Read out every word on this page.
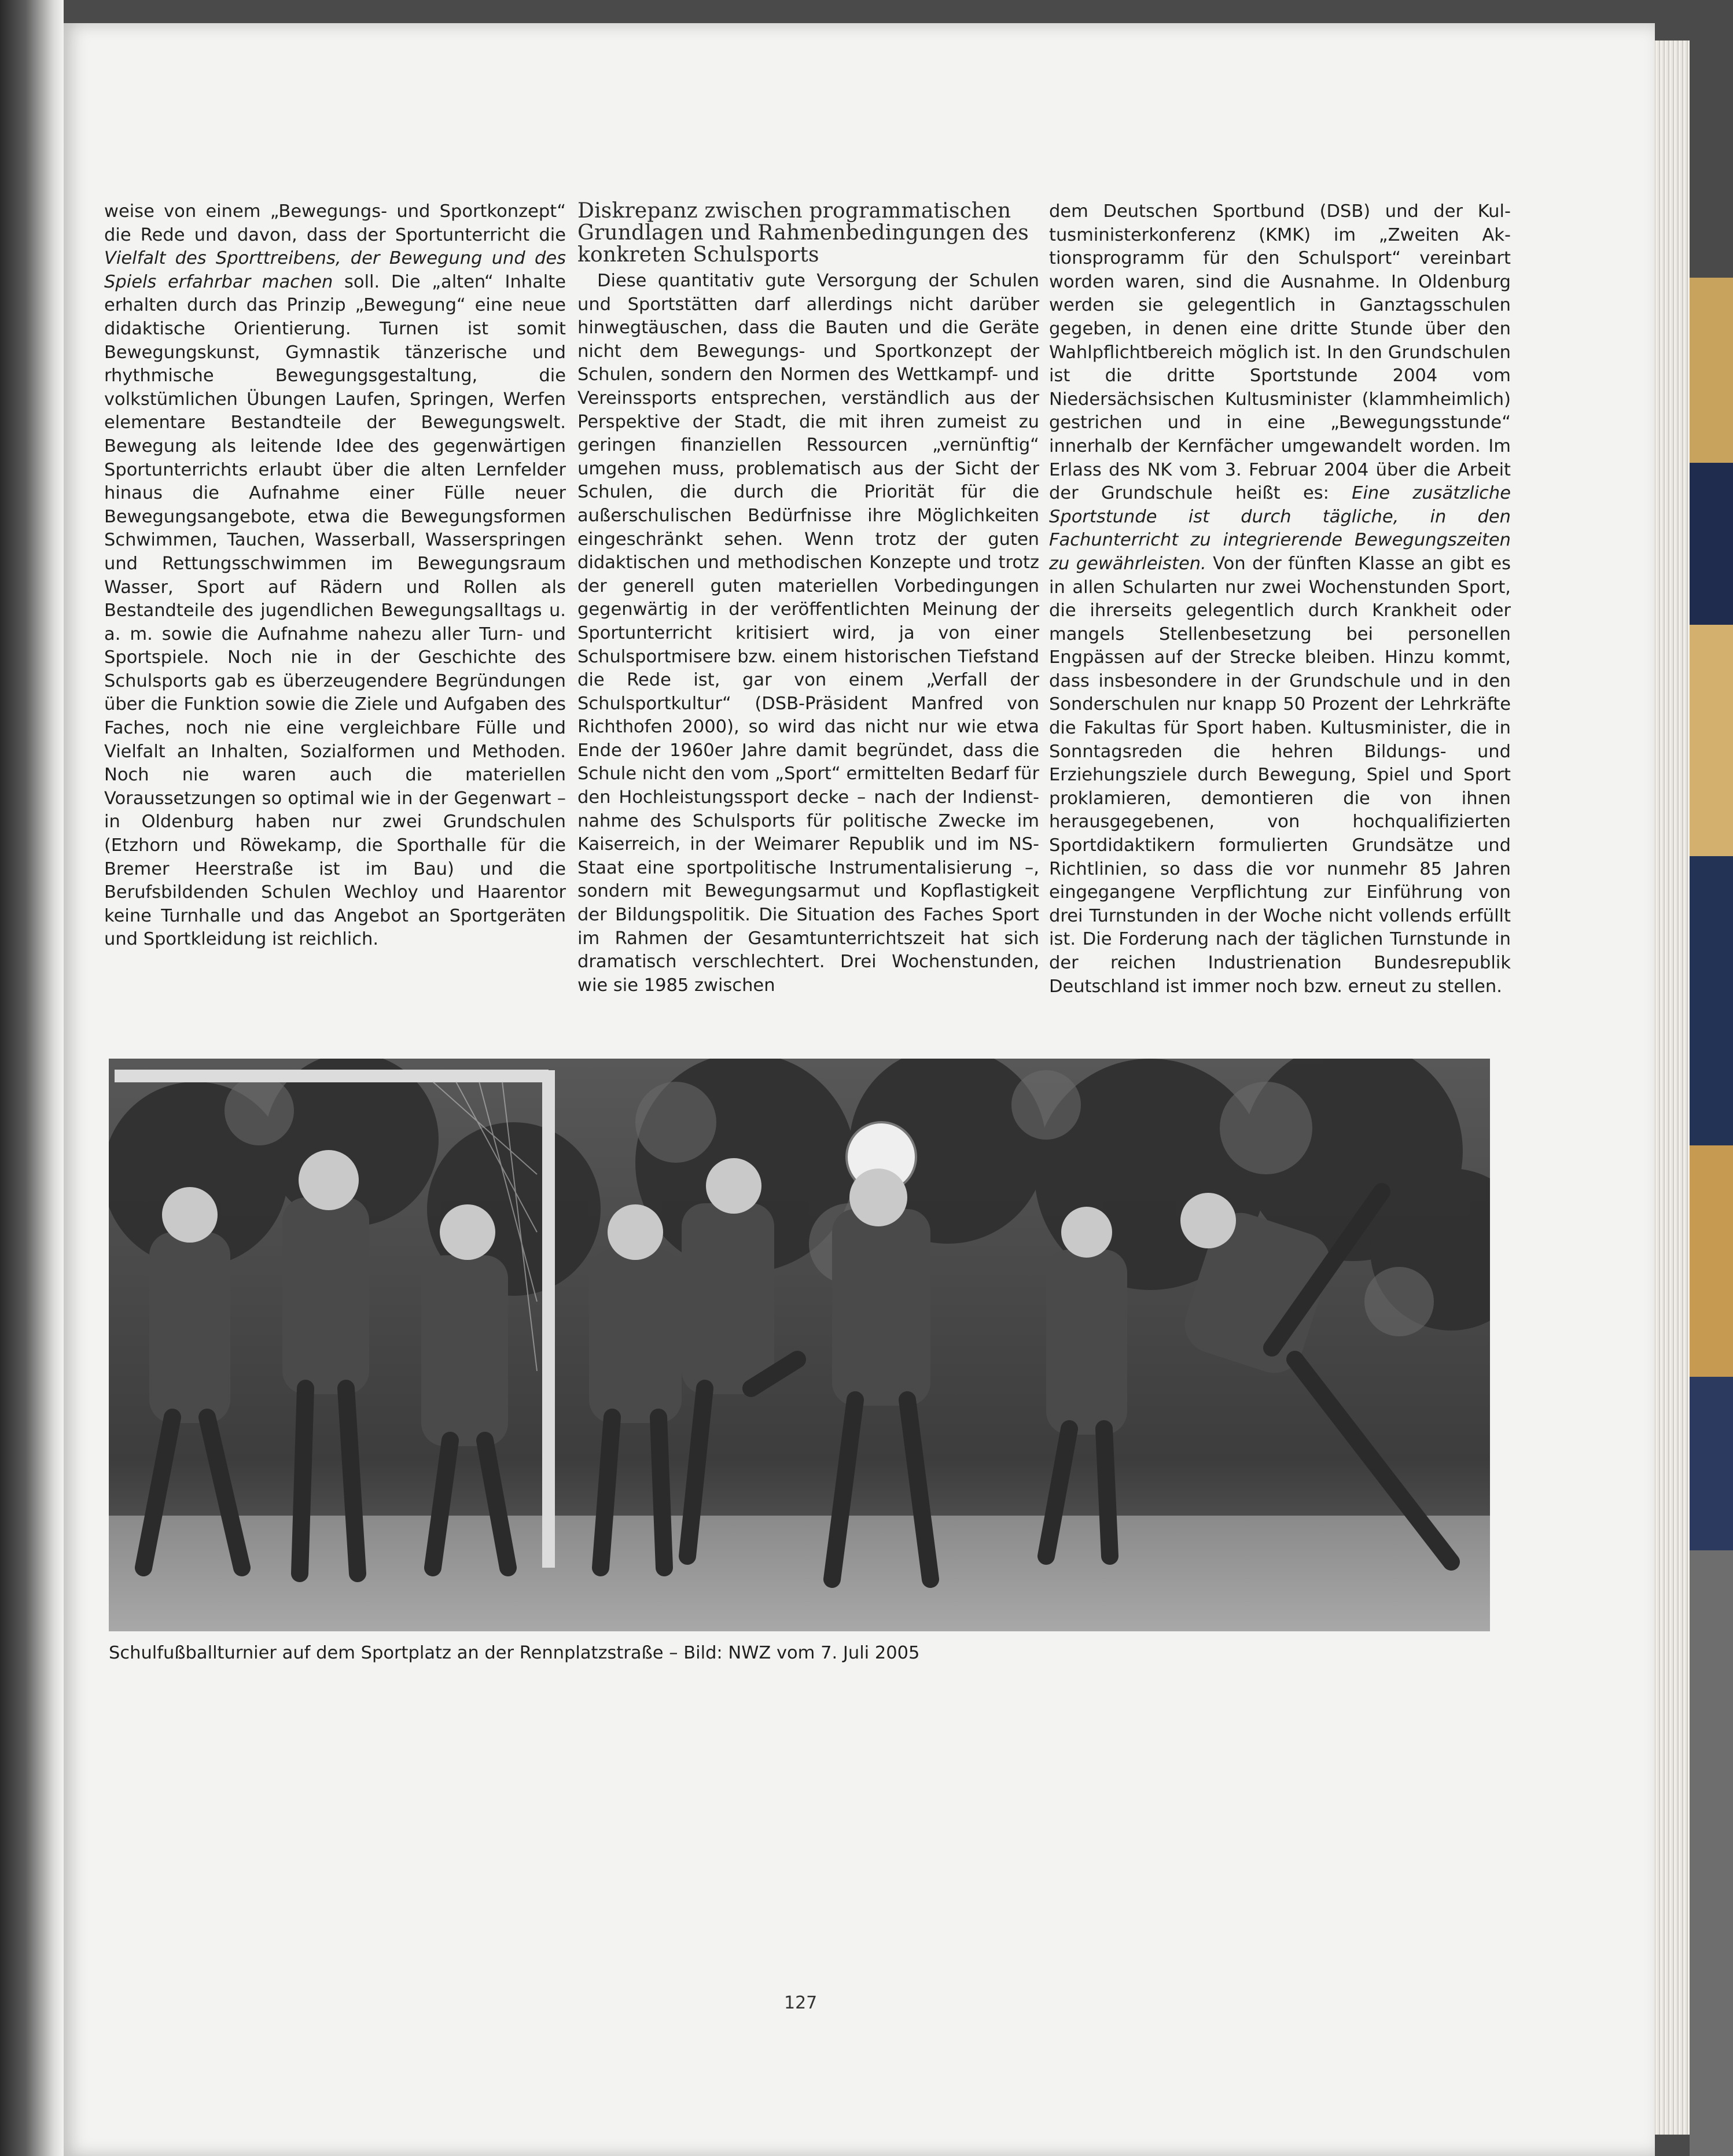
weise von einem „Bewegungs- und Sportkonzept“ die Rede und davon, dass der Sportunterricht die Vielfalt des Sporttreibens, der Bewegung und des Spiels erfahrbar machen soll. Die „alten“ Inhalte erhalten durch das Prinzip „Bewegung“ eine neue didaktische Orientierung. Turnen ist somit Bewegungskunst, Gymnastik tänzerische und rhythmische Bewegungsgestaltung, die volkstümlichen Übungen Laufen, Springen, Werfen elementare Bestandteile der Bewegungswelt. Bewegung als leitende Idee des gegenwärtigen Sportunterrichts erlaubt über die alten Lernfelder hinaus die Aufnahme einer Fülle neuer Bewegungsangebote, etwa die Bewegungsformen Schwimmen, Tauchen, Wasserball, Wasserspringen und Rettungsschwimmen im Bewegungsraum Wasser, Sport auf Rädern und Rollen als Bestandteile des jugendlichen Bewegungsalltags u. a. m. sowie die Aufnahme nahezu aller Turn- und Sportspiele. Noch nie in der Geschichte des Schulsports gab es überzeugendere Begründungen über die Funktion sowie die Ziele und Aufgaben des Faches, noch nie eine vergleichbare Fülle und Vielfalt an Inhalten, Sozialformen und Methoden. Noch nie waren auch die materiellen Voraussetzungen so optimal wie in der Gegenwart – in Oldenburg haben nur zwei Grundschulen (Etzhorn und Röwekamp, die Sporthalle für die Bremer Heerstraße ist im Bau) und die Berufsbildenden Schulen Wechloy und Haarentor keine Turnhalle und das Angebot an Sportgeräten und Sportkleidung ist reichlich.

Diskrepanz zwischen programmatischen Grundlagen und Rahmenbedingungen des konkreten Schulsports

Diese quantitativ gute Versorgung der Schulen und Sportstätten darf allerdings nicht darüber hinwegtäuschen, dass die Bauten und die Geräte nicht dem Bewegungs- und Sportkonzept der Schulen, sondern den Normen des Wettkampf- und Vereinssports entsprechen, verständlich aus der Perspektive der Stadt, die mit ihren zumeist zu geringen finanziellen Ressourcen „vernünftig“ umgehen muss, problematisch aus der Sicht der Schulen, die durch die Priorität für die außerschulischen Bedürfnisse ihre Möglichkeiten eingeschränkt sehen. Wenn trotz der guten didaktischen und methodischen Konzepte und trotz der generell guten materiellen Vorbedingungen gegenwärtig in der veröffentlichten Meinung der Sportunterricht kritisiert wird, ja von einer Schulsportmisere bzw. einem historischen Tiefstand die Rede ist, gar von einem „Verfall der Schulsportkultur“ (DSB-Präsident Manfred von Richthofen 2000), so wird das nicht nur wie etwa Ende der 1960er Jahre damit begründet, dass die Schule nicht den vom „Sport“ ermittelten Bedarf für den Hochleistungssport decke – nach der Indienstnahme des Schulsports für politische Zwecke im Kaiserreich, in der Weimarer Republik und im NS-Staat eine sportpolitische Instrumentalisierung –, sondern mit Bewegungsarmut und Kopflastigkeit der Bildungspolitik. Die Situation des Faches Sport im Rahmen der Gesamtunterrichtszeit hat sich dramatisch verschlechtert. Drei Wochenstunden, wie sie 1985 zwischen

dem Deutschen Sportbund (DSB) und der Kultusministerkonferenz (KMK) im „Zweiten Aktionsprogramm für den Schulsport“ vereinbart worden waren, sind die Ausnahme. In Oldenburg werden sie gelegentlich in Ganztagsschulen gegeben, in denen eine dritte Stunde über den Wahlpflichtbereich möglich ist. In den Grundschulen ist die dritte Sportstunde 2004 vom Niedersächsischen Kultusminister (klammheimlich) gestrichen und in eine „Bewegungsstunde“ innerhalb der Kernfächer umgewandelt worden. Im Erlass des NK vom 3. Februar 2004 über die Arbeit der Grundschule heißt es: Eine zusätzliche Sportstunde ist durch tägliche, in den Fachunterricht zu integrierende Bewegungszeiten zu gewährleisten. Von der fünften Klasse an gibt es in allen Schularten nur zwei Wochenstunden Sport, die ihrerseits gelegentlich durch Krankheit oder mangels Stellenbesetzung bei personellen Engpässen auf der Strecke bleiben. Hinzu kommt, dass insbesondere in der Grundschule und in den Sonderschulen nur knapp 50 Prozent der Lehrkräfte die Fakultas für Sport haben. Kultusminister, die in Sonntagsreden die hehren Bildungs- und Erziehungsziele durch Bewegung, Spiel und Sport proklamieren, demontieren die von ihnen herausgegebenen, von hochqualifizierten Sportdidaktikern formulierten Grundsätze und Richtlinien, so dass die vor nunmehr 85 Jahren eingegangene Verpflichtung zur Einführung von drei Turnstunden in der Woche nicht vollends erfüllt ist. Die Forderung nach der täglichen Turnstunde in der reichen Industrienation Bundesrepublik Deutschland ist immer noch bzw. erneut zu stellen.

Schulfußballturnier auf dem Sportplatz an der Rennplatzstraße – Bild: NWZ vom 7. Juli 2005
127
